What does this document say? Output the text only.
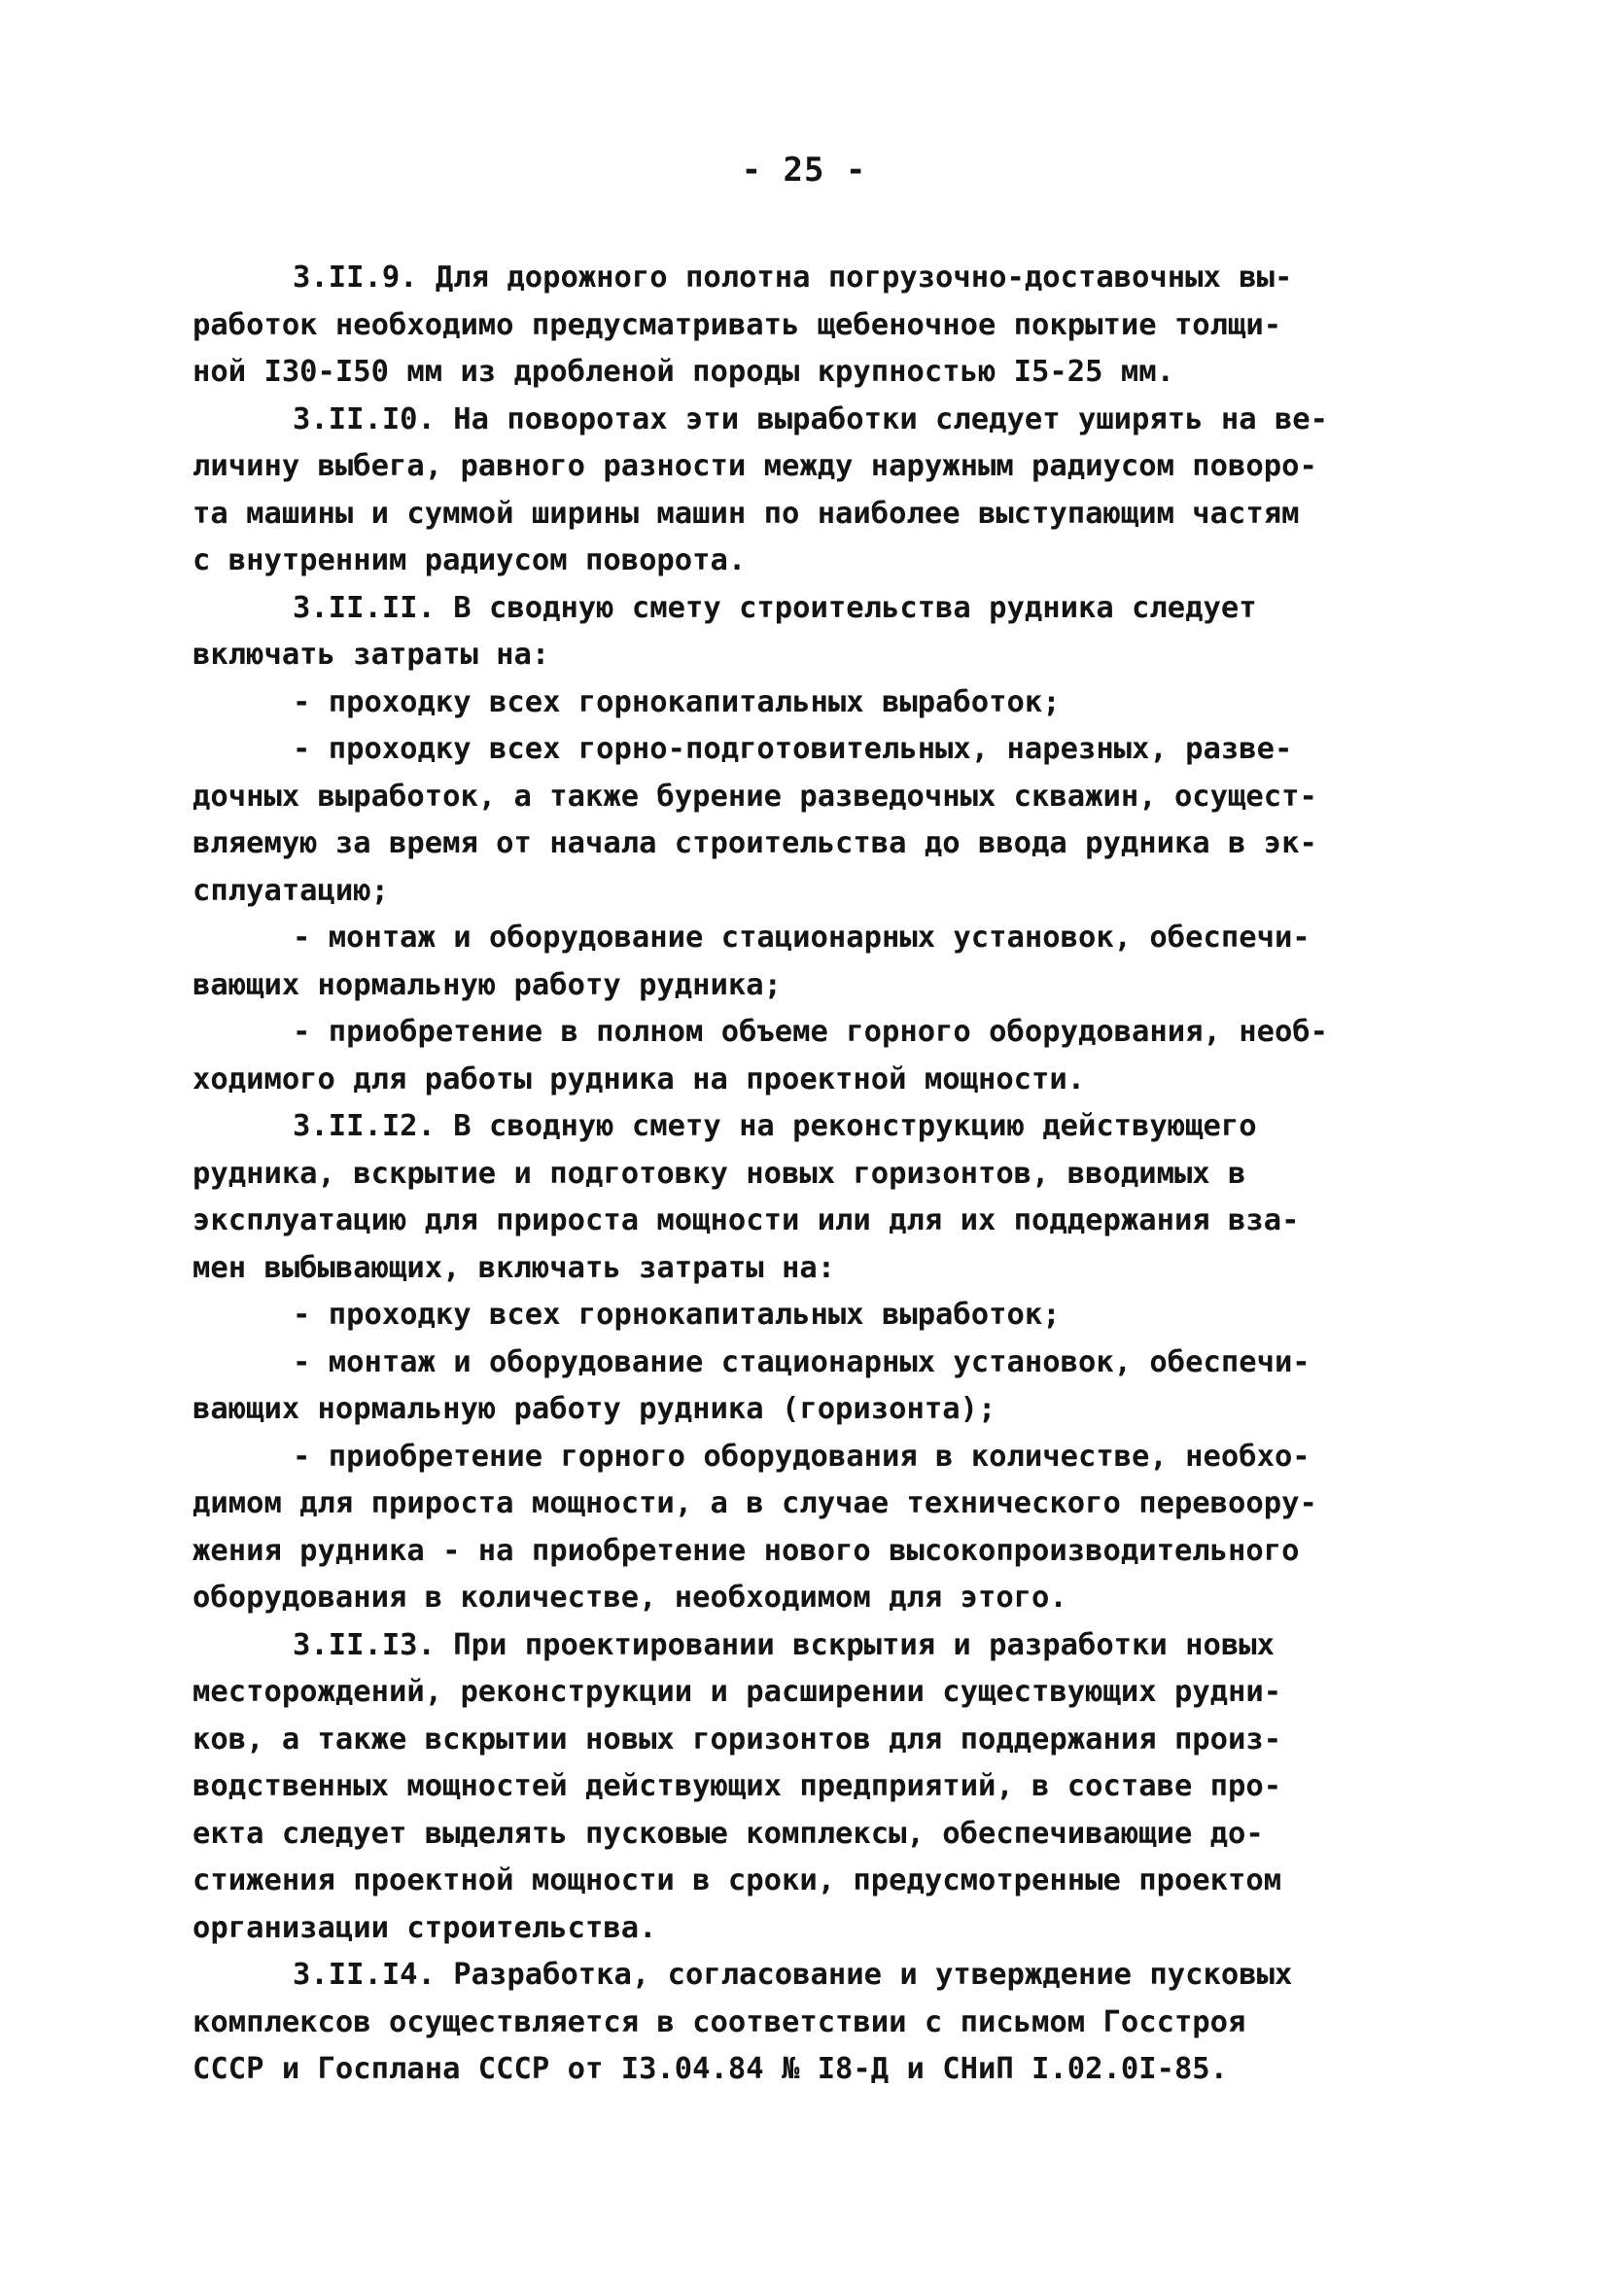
- 25 -
3.II.9. Для дорожного полотна погрузочно-доставочных вы-
работок необходимо предусматривать щебеночное покрытие толщи-
ной I30-I50 мм из дробленой породы крупностью I5-25 мм.
3.II.I0. На поворотах эти выработки следует уширять на ве-
личину выбега, равного разности между наружным радиусом поворо-
та машины и суммой ширины машин по наиболее выступающим частям
с внутренним радиусом поворота.
3.II.II. В сводную смету строительства рудника следует
включать затраты на:
- проходку всех горнокапитальных выработок;
- проходку всех горно-подготовительных, нарезных, разве-
дочных выработок, а также бурение разведочных скважин, осущест-
вляемую за время от начала строительства до ввода рудника в эк-
сплуатацию;
- монтаж и оборудование стационарных установок, обеспечи-
вающих нормальную работу рудника;
- приобретение в полном объеме горного оборудования, необ-
ходимого для работы рудника на проектной мощности.
3.II.I2. В сводную смету на реконструкцию действующего
рудника, вскрытие и подготовку новых горизонтов, вводимых в
эксплуатацию для прироста мощности или для их поддержания вза-
мен выбывающих, включать затраты на:
- проходку всех горнокапитальных выработок;
- монтаж и оборудование стационарных установок, обеспечи-
вающих нормальную работу рудника (горизонта);
- приобретение горного оборудования в количестве, необхо-
димом для прироста мощности, а в случае технического перевоору-
жения рудника - на приобретение нового высокопроизводительного
оборудования в количестве, необходимом для этого.
3.II.I3. При проектировании вскрытия и разработки новых
месторождений, реконструкции и расширении существующих рудни-
ков, а также вскрытии новых горизонтов для поддержания произ-
водственных мощностей действующих предприятий, в составе про-
екта следует выделять пусковые комплексы, обеспечивающие до-
стижения проектной мощности в сроки, предусмотренные проектом
организации строительства.
3.II.I4. Разработка, согласование и утверждение пусковых
комплексов осуществляется в соответствии с письмом Госстроя
СССР и Госплана СССР от I3.04.84 № I8-Д и СНиП I.02.0I-85.
